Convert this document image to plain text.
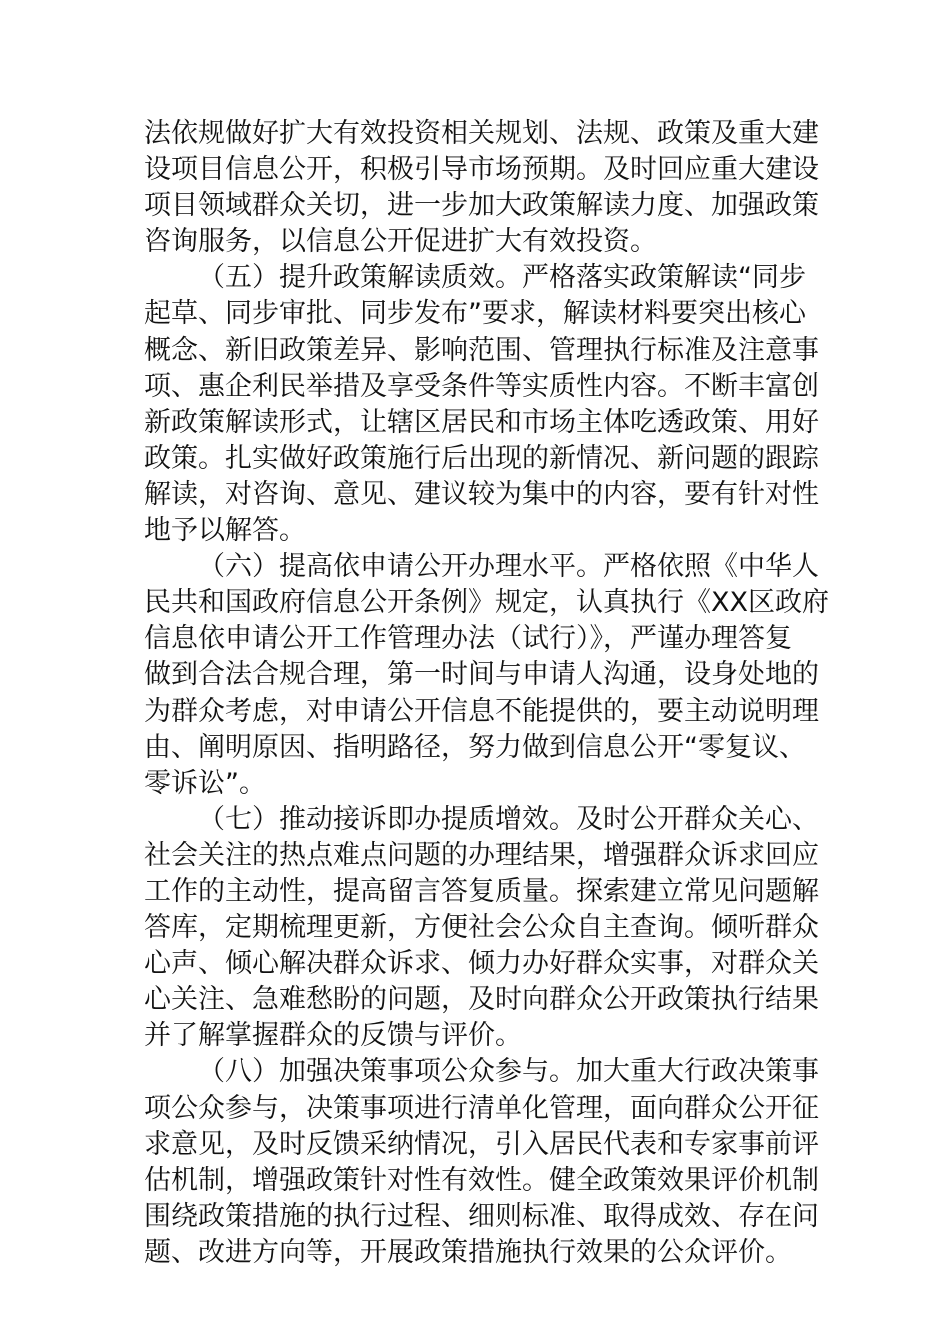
法依规做好扩大有效投资相关规划、法规、政策及重大建
设项目信息公开，积极引导市场预期。及时回应重大建设
项目领域群众关切，进一步加大政策解读力度、加强政策
咨询服务，以信息公开促进扩大有效投资。
（五）提升政策解读质效。严格落实政策解读“同步
起草、同步审批、同步发布”要求，解读材料要突出核心
概念、新旧政策差异、影响范围、管理执行标准及注意事
项、惠企利民举措及享受条件等实质性内容。不断丰富创
新政策解读形式，让辖区居民和市场主体吃透政策、用好
政策。扎实做好政策施行后出现的新情况、新问题的跟踪
解读，对咨询、意见、建议较为集中的内容，要有针对性
地予以解答。
（六）提高依申请公开办理水平。严格依照《中华人
民共和国政府信息公开条例》规定，认真执行《XX区政府
信息依申请公开工作管理办法（试行）》，严谨办理答复
做到合法合规合理，第一时间与申请人沟通，设身处地的
为群众考虑，对申请公开信息不能提供的，要主动说明理
由、阐明原因、指明路径，努力做到信息公开“零复议、
零诉讼”。
（七）推动接诉即办提质增效。及时公开群众关心、
社会关注的热点难点问题的办理结果，增强群众诉求回应
工作的主动性，提高留言答复质量。探索建立常见问题解
答库，定期梳理更新，方便社会公众自主查询。倾听群众
心声、倾心解决群众诉求、倾力办好群众实事，对群众关
心关注、急难愁盼的问题，及时向群众公开政策执行结果
并了解掌握群众的反馈与评价。
（八）加强决策事项公众参与。加大重大行政决策事
项公众参与，决策事项进行清单化管理，面向群众公开征
求意见，及时反馈采纳情况，引入居民代表和专家事前评
估机制，增强政策针对性有效性。健全政策效果评价机制
围绕政策措施的执行过程、细则标准、取得成效、存在问
题、改进方向等，开展政策措施执行效果的公众评价。
